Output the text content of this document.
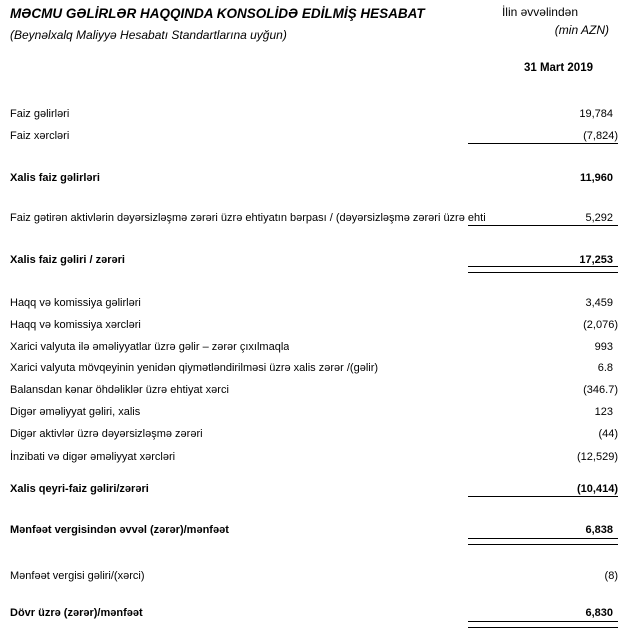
MƏCMU GƏLİRLƏR HAQQINDA KONSOLİDƏ EDİLMİŞ HESABAT
(Beynəlxalq Maliyyə Hesabatı Standartlarına uyğun)
İlin əvvəlindən
(min AZN)
31 Mart 2019
Faiz gəlirləri	19,784
Faiz xərcləri	(7,824)
Xalis faiz gəlirləri	11,960
Faiz gətirən aktivlərin dəyərsizləşmə zərəri üzrə ehtiyatın bərpası / (dəyərsizləşmə zərəri üzrə ehti	5,292
Xalis faiz gəliri / zərəri	17,253
Haqq və komissiya gəlirləri	3,459
Haqq və komissiya xərcləri	(2,076)
Xarici valyuta ilə əməliyyatlar üzrə gəlir – zərər çıxılmaqla	993
Xarici valyuta mövqeyinin yenidən qiymətləndirilməsi üzrə xalis zərər /(gəlir)	6.8
Balansdan kənar öhdəliklər üzrə ehtiyat xərci	(346.7)
Digər əməliyyat gəliri, xalis	123
Digər aktivlər üzrə dəyərsizləşmə zərəri	(44)
İnzibati və digər əməliyyat xərcləri	(12,529)
Xalis qeyri-faiz gəliri/zərəri	(10,414)
Mənfəət vergisindən əvvəl (zərər)/mənfəət	6,838
Mənfəət vergisi gəliri/(xərci)	(8)
Dövr üzrə (zərər)/mənfəət	6,830
